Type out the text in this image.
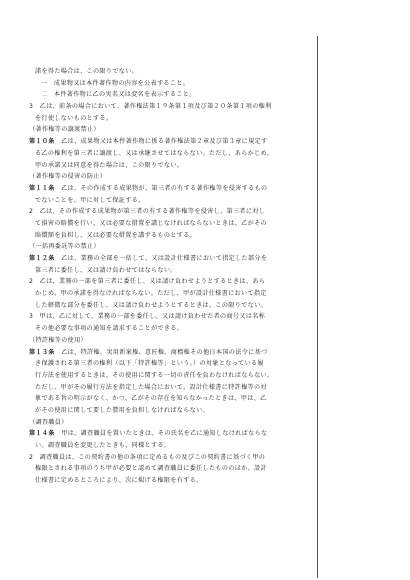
諾を得た場合は、この限りでない。
一　成果物又は本件著作物の内容を公表すること。
二　本件著作物に乙の実名又は変名を表示すること。
3　乙は、前条の場合において、著作権法第１９条第１項及び第２０条第１項の権利
を行使しないものとする。
（著作権等の譲渡禁止）
第１０条　乙は、成果物又は本件著作物に係る著作権法第２章及び第３章に規定す
る乙の権利を第三者に譲渡し、又は承継させてはならない。ただし、あらかじめ、
甲の承諾又は同意を得た場合は、この限りでない。
（著作権等の侵害の防止）
第１１条　乙は、その作成する成果物が、第三者の有する著作権等を侵害するもの
でないことを、甲に対して保証する。
2　乙は、その作成する成果物が第三者の有する著作権等を侵害し、第三者に対し
て損害の賠償を行い、又は必要な措置を講じなければならないときは、乙がその
賠償額を負担し、又は必要な措置を講ずるものとする。
（一括再委託等の禁止）
第１２条　乙は、業務の全部を一括して、又は設計仕様書において指定した部分を
第三者に委任し、又は請け負わせてはならない。
2　乙は、業務の一部を第三者に委任し、又は請け負わせようとするときは、あら
かじめ、甲の承諾を得なければならない。ただし、甲が設計仕様書において指定
した軽微な部分を委任し、又は請け負わせようとするときは、この限りでない。
3　甲は、乙に対して、業務の一部を委任し、又は請け負わせた者の商号又は名称
その他必要な事項の通知を請求することができる。
（特許権等の使用）
第１３条　乙は、特許権、実用新案権、意匠権、商標権その他日本国の法令に基づ
き保護される第三者の権利（以下「特許権等」という。）の対象となっている履
行方法を使用するときは、その使用に関する一切の責任を負わなければならない。
ただし、甲がその履行方法を指定した場合において、設計仕様書に特許権等の対
象である旨の明示がなく、かつ、乙がその存在を知らなかったときは、甲は、乙
がその使用に関して要した費用を負担しなければならない。
（調査職員）
第１４条　甲は、調査職員を置いたときは、その氏名を乙に通知しなければならな
い。調査職員を変更したときも、同様とする。
2　調査職員は、この契約書の他の条項に定めるもの及びこの契約書に基づく甲の
権限とされる事項のうち甲が必要と認めて調査職員に委任したもののほか、設計
仕様書に定めるところにより、次に掲げる権限を有する。
